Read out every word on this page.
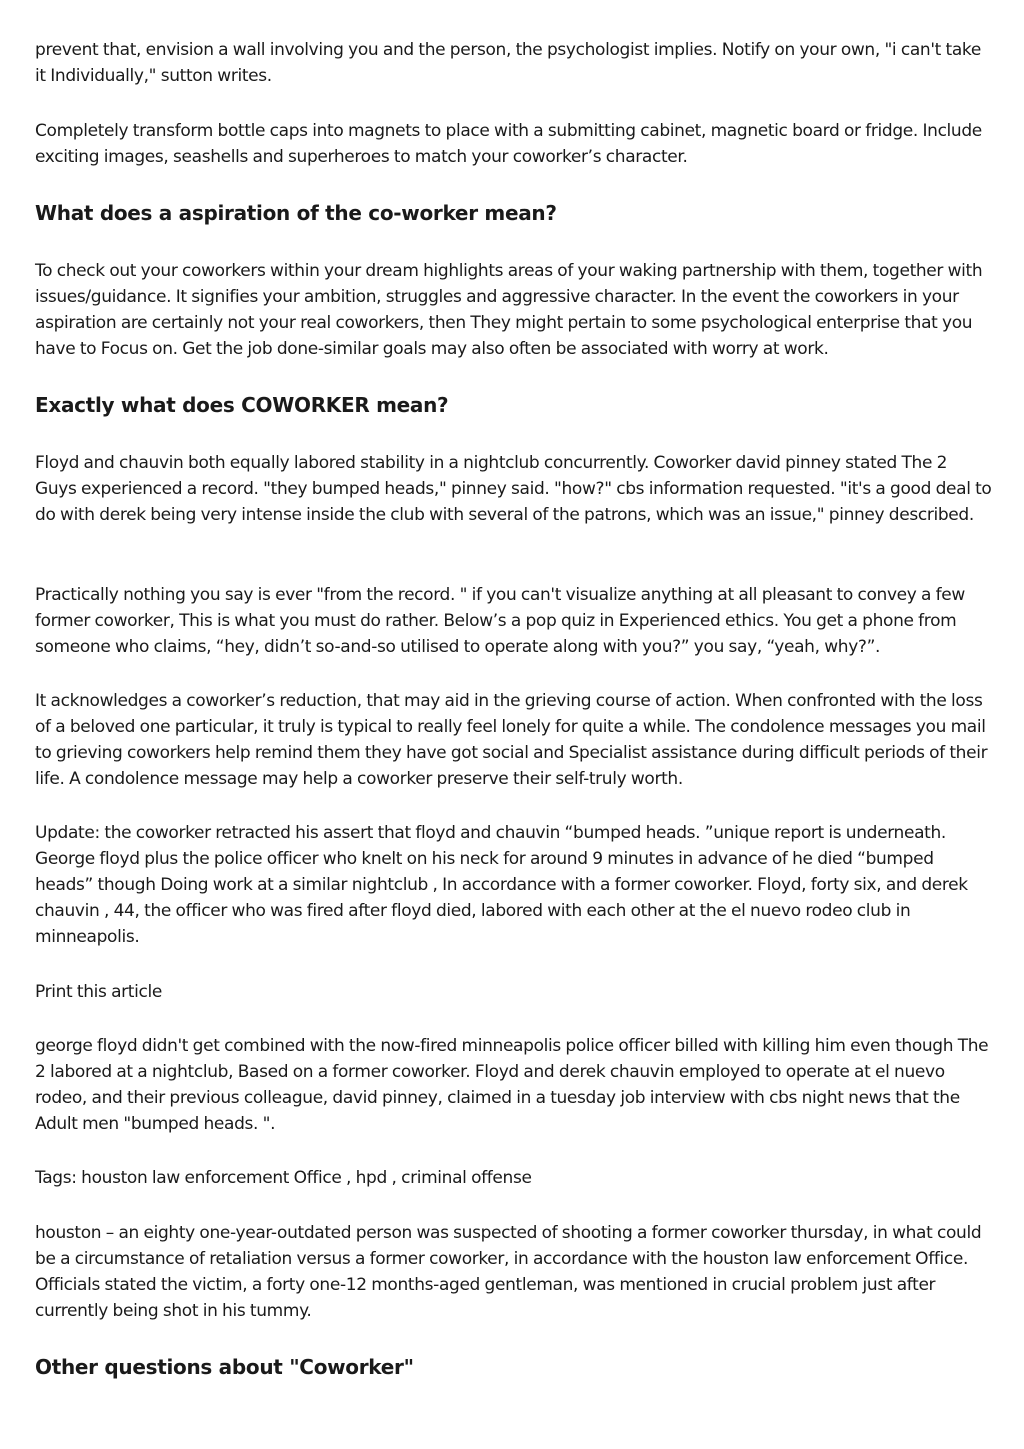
prevent that, envision a wall involving you and the person, the psychologist implies. Notify on your own, "i can't take it Individually," sutton writes.

Completely transform bottle caps into magnets to place with a submitting cabinet, magnetic board or fridge. Include exciting images, seashells and superheroes to match your coworker’s character.

What does a aspiration of the co-worker mean?

To check out your coworkers within your dream highlights areas of your waking partnership with them, together with issues/guidance. It signifies your ambition, struggles and aggressive character. In the event the coworkers in your aspiration are certainly not your real coworkers, then They might pertain to some psychological enterprise that you have to Focus on. Get the job done-similar goals may also often be associated with worry at work.

Exactly what does COWORKER mean?

Floyd and chauvin both equally labored stability in a nightclub concurrently. Coworker david pinney stated The 2 Guys experienced a record. "they bumped heads," pinney said. "how?" cbs information requested. "it's a good deal to do with derek being very intense inside the club with several of the patrons, which was an issue," pinney described.

Practically nothing you say is ever "from the record. " if you can't visualize anything at all pleasant to convey a few former coworker, This is what you must do rather. Below’s a pop quiz in Experienced ethics. You get a phone from someone who claims, “hey, didn’t so-and-so utilised to operate along with you?” you say, “yeah, why?”.

It acknowledges a coworker’s reduction, that may aid in the grieving course of action. When confronted with the loss of a beloved one particular, it truly is typical to really feel lonely for quite a while. The condolence messages you mail to grieving coworkers help remind them they have got social and Specialist assistance during difficult periods of their life. A condolence message may help a coworker preserve their self-truly worth.

Update: the coworker retracted his assert that floyd and chauvin “bumped heads. ”unique report is underneath. George floyd plus the police officer who knelt on his neck for around 9 minutes in advance of he died “bumped heads” though Doing work at a similar nightclub , In accordance with a former coworker. Floyd, forty six, and derek chauvin , 44, the officer who was fired after floyd died, labored with each other at the el nuevo rodeo club in minneapolis.

Print this article

george floyd didn't get combined with the now-fired minneapolis police officer billed with killing him even though The 2 labored at a nightclub, Based on a former coworker. Floyd and derek chauvin employed to operate at el nuevo rodeo, and their previous colleague, david pinney, claimed in a tuesday job interview with cbs night news that the Adult men "bumped heads. ".

Tags: houston law enforcement Office , hpd , criminal offense

houston – an eighty one-year-outdated person was suspected of shooting a former coworker thursday, in what could be a circumstance of retaliation versus a former coworker, in accordance with the houston law enforcement Office. Officials stated the victim, a forty one-12 months-aged gentleman, was mentioned in crucial problem just after currently being shot in his tummy.

Other questions about "Coworker"
